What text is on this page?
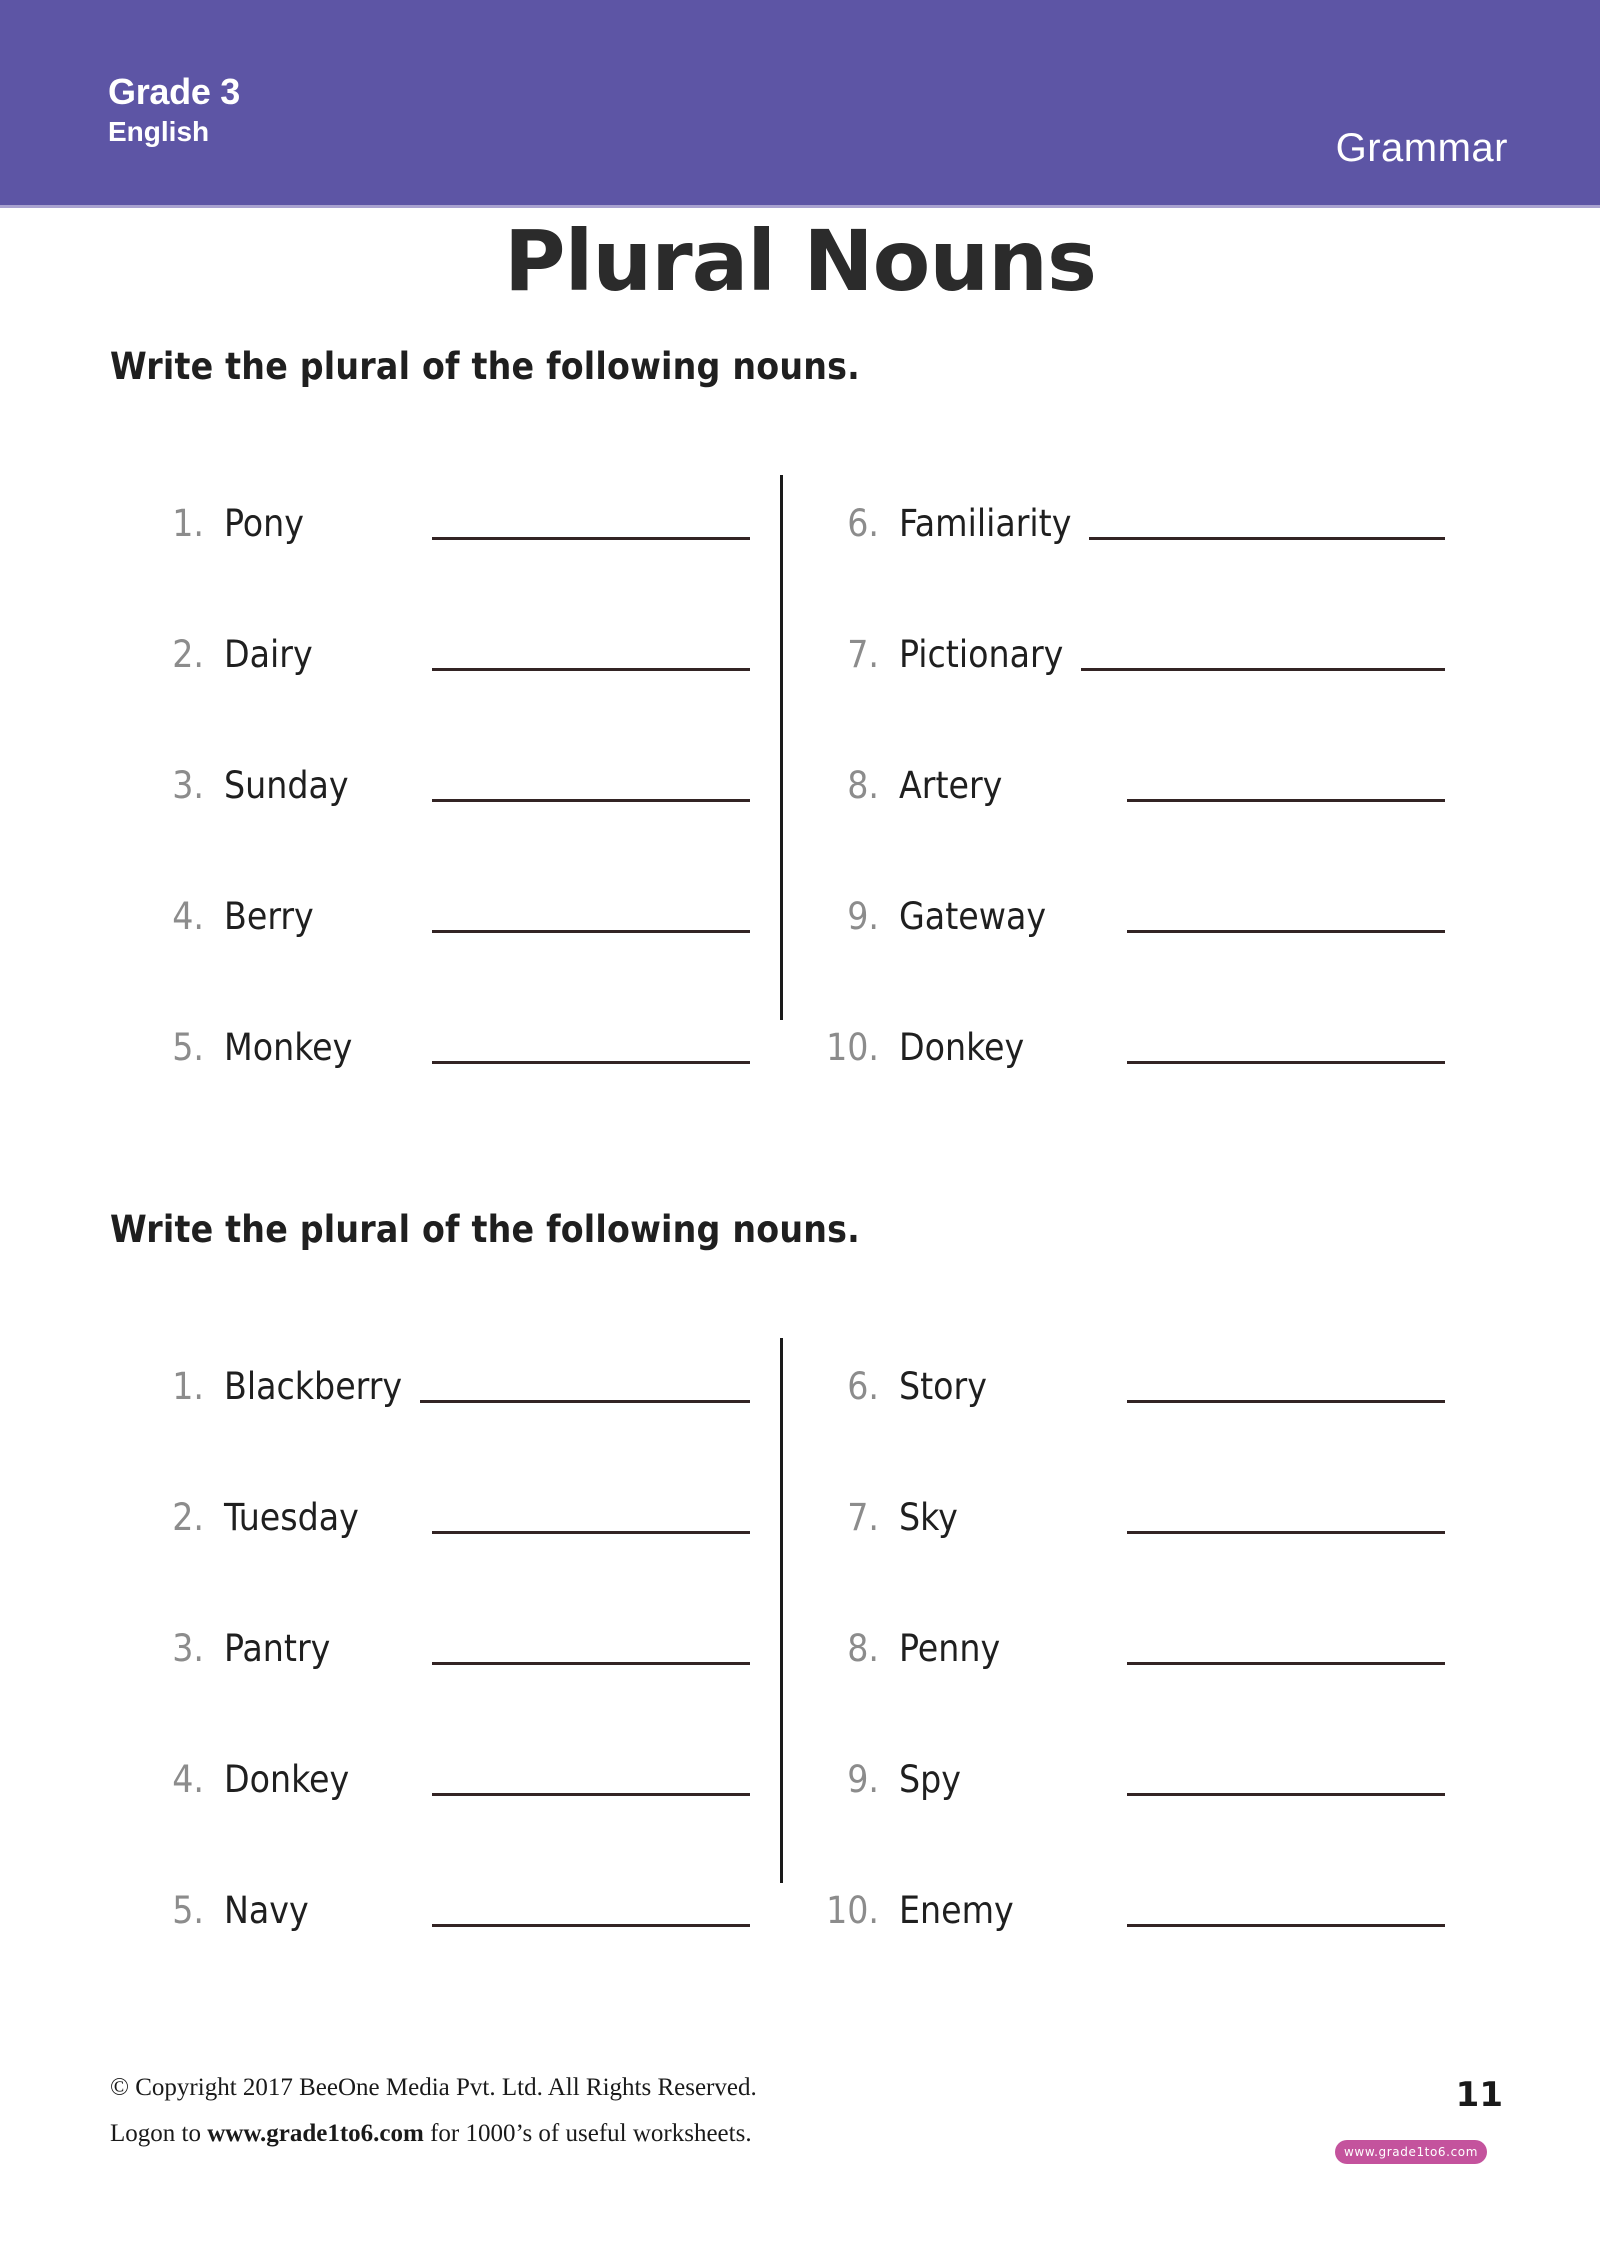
Grade 3
English	Grammar
Plural Nouns
Write the plural of the following nouns.
1. Pony
2. Dairy
3. Sunday
4. Berry
5. Monkey
6. Familiarity
7. Pictionary
8. Artery
9. Gateway
10. Donkey
Write the plural of the following nouns.
1. Blackberry
2. Tuesday
3. Pantry
4. Donkey
5. Navy
6. Story
7. Sky
8. Penny
9. Spy
10. Enemy
© Copyright 2017 BeeOne Media Pvt. Ltd. All Rights Reserved.
Logon to www.grade1to6.com for 1000’s of useful worksheets.
11
www.grade1to6.com
